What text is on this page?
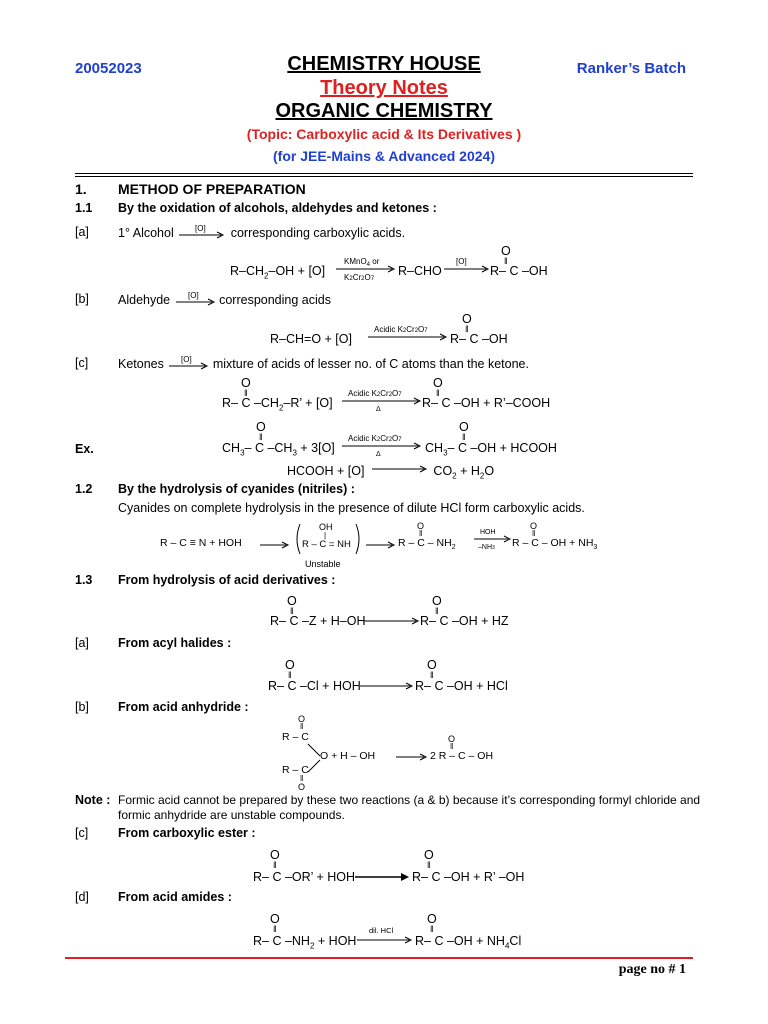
20052023	Ranker’s Batch
CHEMISTRY HOUSE
Theory Notes
ORGANIC CHEMISTRY
(Topic: Carboxylic acid & Its Derivatives )
(for JEE-Mains & Advanced 2024)
1. METHOD OF PREPARATION
1.1 By the oxidation of alcohols, aldehydes and ketones :
[a] 1° Alcohol	[O] corresponding carboxylic acids.
O
‖
$R-CH_2-OH + [O]$
KMnO$_4$ or
K2Cr2O7
R–CHO
[O]
R– C –OH
[b] Aldehyde [O] corresponding acids
O
‖
R–CH=O + [O]
Acidic K2Cr2O7
R– C –OH
[c] Ketones [O] mixture of acids of lesser no. of C atoms than the ketone.
O
‖
O
‖
R– C $-CH_2-R$’ + [O]
Acidic K2Cr2O7
Δ	R– C –OH + R’–COOH
Ex.
O
‖
O
‖
$CH_3-$ C $-CH_3 + 3[O]$
Acidic K2Cr2O7
Δ	$CH_3-$ C –OH + HCOOH
HCOOH + [O]	$CO_2 + H_2O$
1.2 By the hydrolysis of cyanides (nitriles) :
Cyanides on complete hydrolysis in the presence of dilute HCl form carboxylic acids.
R – C ≡ N + HOH
OH
|
R – C = NH
Unstable
O
‖
R – C – $NH_2$
HOH
–NH3
O
‖
R – C – OH + $NH_3$
1.3 From hydrolysis of acid derivatives :
O
‖
O
‖
R– C –Z + H–OH	R– C –OH + HZ
[a] From acyl halides :
O
‖
O
‖
R– C –Cl + HOH	R– C –OH + HCl
[b] From acid anhydride :
O
‖
R – C
O + H – OH
R – C
‖
O
O
‖
2 R – C – OH
Note : Formic acid cannot be prepared by these two reactions (a & b) because it’s corresponding formyl chloride and
formic anhydride are unstable compounds.
[c] From carboxylic ester :
O
‖
O
‖
R– C –OR’ + HOH	R– C –OH + R’ –OH
[d] From acid amides :
O
‖
O
‖
R– C $-NH_2$ + HOH
dil. HCl
R– C $-OH + NH_4Cl$
page no # 1
